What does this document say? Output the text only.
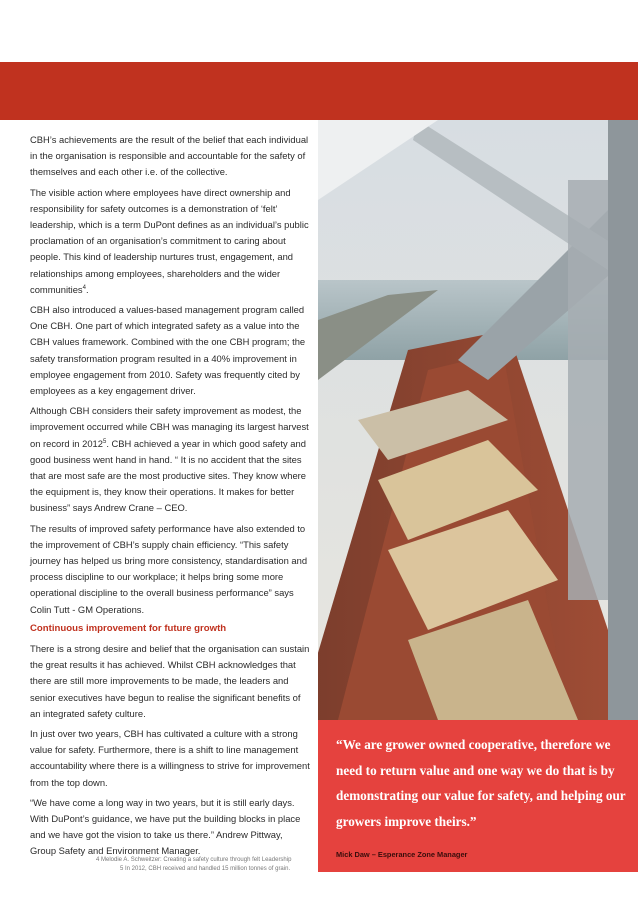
CBH’s achievements are the result of the belief that each individual in the organisation is responsible and accountable for the safety of themselves and each other i.e. of the collective.

The visible action where employees have direct ownership and responsibility for safety outcomes is a demonstration of ‘felt’ leadership, which is a term DuPont defines as an individual’s public proclamation of an organisation’s commitment to caring about people. This kind of leadership nurtures trust, engagement, and relationships among employees, shareholders and the wider communities$^4$.

CBH also introduced a values-based management program called One CBH. One part of which integrated safety as a value into the CBH values framework. Combined with the one CBH program; the safety transformation program resulted in a 40% improvement in employee engagement from 2010. Safety was frequently cited by employees as a key engagement driver.

Although CBH considers their safety improvement as modest, the improvement occurred while CBH was managing its largest harvest on record in 2012$^5$. CBH achieved a year in which good safety and good business went hand in hand. “ It is no accident that the sites that are most safe are the most productive sites. They know where the equipment is, they know their operations. It makes for better business” says Andrew Crane – CEO.

The results of improved safety performance have also extended to the improvement of CBH’s supply chain efficiency. “This safety journey has helped us bring more consistency, standardisation and process discipline to our workplace; it helps bring some more operational discipline to the overall business performance” says Colin Tutt - GM Operations.

Continuous improvement for future growth

There is a strong desire and belief that the organisation can sustain the great results it has achieved. Whilst CBH acknowledges that there are still more improvements to be made, the leaders and senior executives have begun to realise the significant benefits of an integrated safety culture.

In just over two years, CBH has cultivated a culture with a strong value for safety. Furthermore, there is a shift to line management accountability where there is a willingness to strive for improvement from the top down.

“We have come a long way in two years, but it is still early days. With DuPont’s guidance, we have put the building blocks in place and we have got the vision to take us there.” Andrew Pittway, Group Safety and Environment Manager.

“We are grower owned cooperative, therefore we need to return value and one way we do that is by demonstrating our value for safety, and helping our growers improve theirs.”
Mick Daw – Esperance Zone Manager
4 Melodie A. Schweitzer: Creating a safety culture through felt Leadership
5 In 2012, CBH received and handled 15 million tonnes of grain.
